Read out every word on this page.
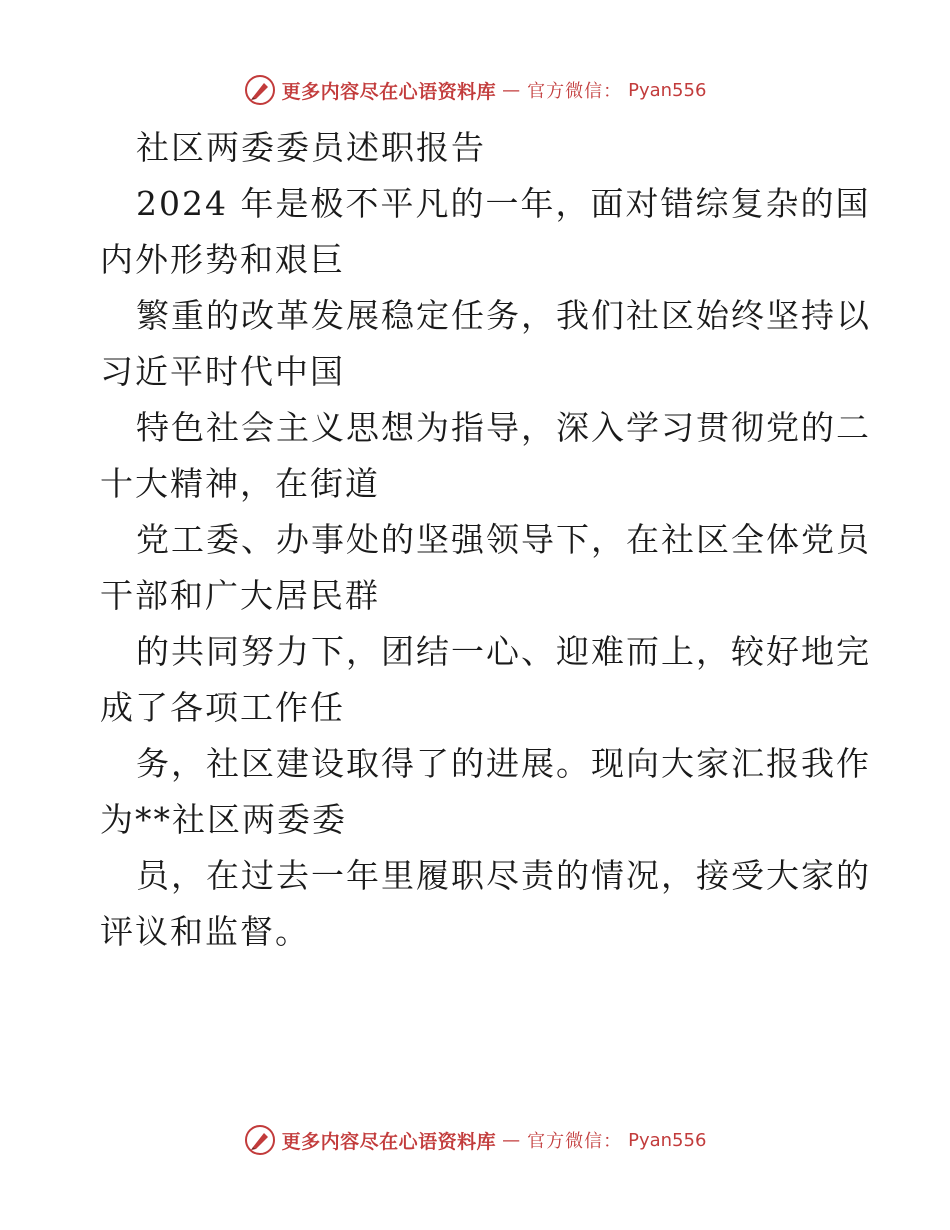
更多内容尽在心语资料库 — 官方微信： Pyan556
社区两委委员述职报告
2024 年是极不平凡的一年，面对错综复杂的国
内外形势和艰巨
繁重的改革发展稳定任务，我们社区始终坚持以
习近平时代中国
特色社会主义思想为指导，深入学习贯彻党的二
十大精神，在街道
党工委、办事处的坚强领导下，在社区全体党员
干部和广大居民群
的共同努力下，团结一心、迎难而上，较好地完
成了各项工作任
务，社区建设取得了的进展。现向大家汇报我作
为**社区两委委
员，在过去一年里履职尽责的情况，接受大家的
评议和监督。
更多内容尽在心语资料库 — 官方微信： Pyan556
